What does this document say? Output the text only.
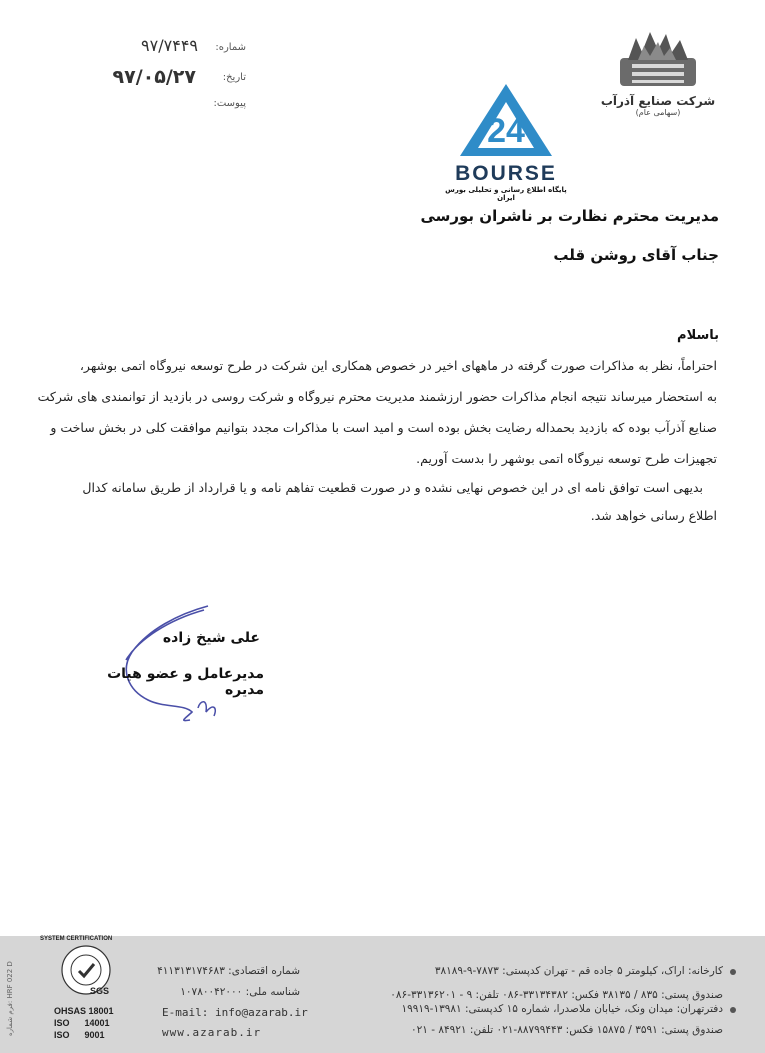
شماره:
۹۷/۷۴۴۹
تاریخ:
۹۷/۰۵/۲۷
پیوست:	شرکت صنایع آذرآب
(سهامی عام)
24
BOURSE
پایگاه اطلاع رسانی و تحلیلی بورس ایران
مدیریت محترم نظارت بر ناشران بورسی
جناب آقای روشن قلب
باسلام
احتراماً، نظر به مذاکرات صورت گرفته در ماههای اخیر در خصوص همکاری این شرکت در طرح توسعه نیروگاه اتمی بوشهر،
به استحضار میرساند نتیجه انجام مذاکرات حضور ارزشمند مدیریت محترم نیروگاه و شرکت روسی در بازدید از توانمندی های شرکت
صنایع آذرآب بوده که بازدید بحمداله رضایت بخش بوده است و امید است با مذاکرات مجدد بتوانیم موافقت کلی در بخش ساخت و
تجهیزات طرح توسعه نیروگاه اتمی بوشهر را بدست آوریم.
بدیهی است توافق نامه ای در این خصوص نهایی نشده و در صورت قطعیت تفاهم نامه و یا قرارداد از طریق سامانه کدال
اطلاع رسانی خواهد شد.
علی شیخ زاده
مدیرعامل و عضو هیات مدیره
کارخانه: اراک، کیلومتر ۵ جاده قم - تهران کدپستی: ۷۸۷۳-۹-۳۸۱۸۹
صندوق پستی: ۸۳۵ / ۳۸۱۳۵ فکس: ۳۳۱۳۴۳۸۲-۰۸۶ تلفن: ۹ - ۳۳۱۳۶۲۰۱-۰۸۶
دفترتهران: میدان ونک، خیابان ملاصدرا، شماره ۱۵ کدپستی: ۱۳۹۸۱-۱۹۹۱۹
صندوق پستی: ۳۵۹۱ / ۱۵۸۷۵ فکس: ۸۸۷۹۹۴۴۳-۰۲۱ تلفن: ۸۴۹۲۱ - ۰۲۱
شماره اقتصادی: ۴۱۱۳۱۳۱۷۴۶۸۳
شناسه ملی: ۱۰۷۸۰۰۴۲۰۰۰
E-mail: info@azarab.ir
www.azarab.ir
SYSTEM CERTIFICATION
SGS
OHSAS 18001
ISO      14001
ISO      9001
فرم شماره: HRF 022 D
